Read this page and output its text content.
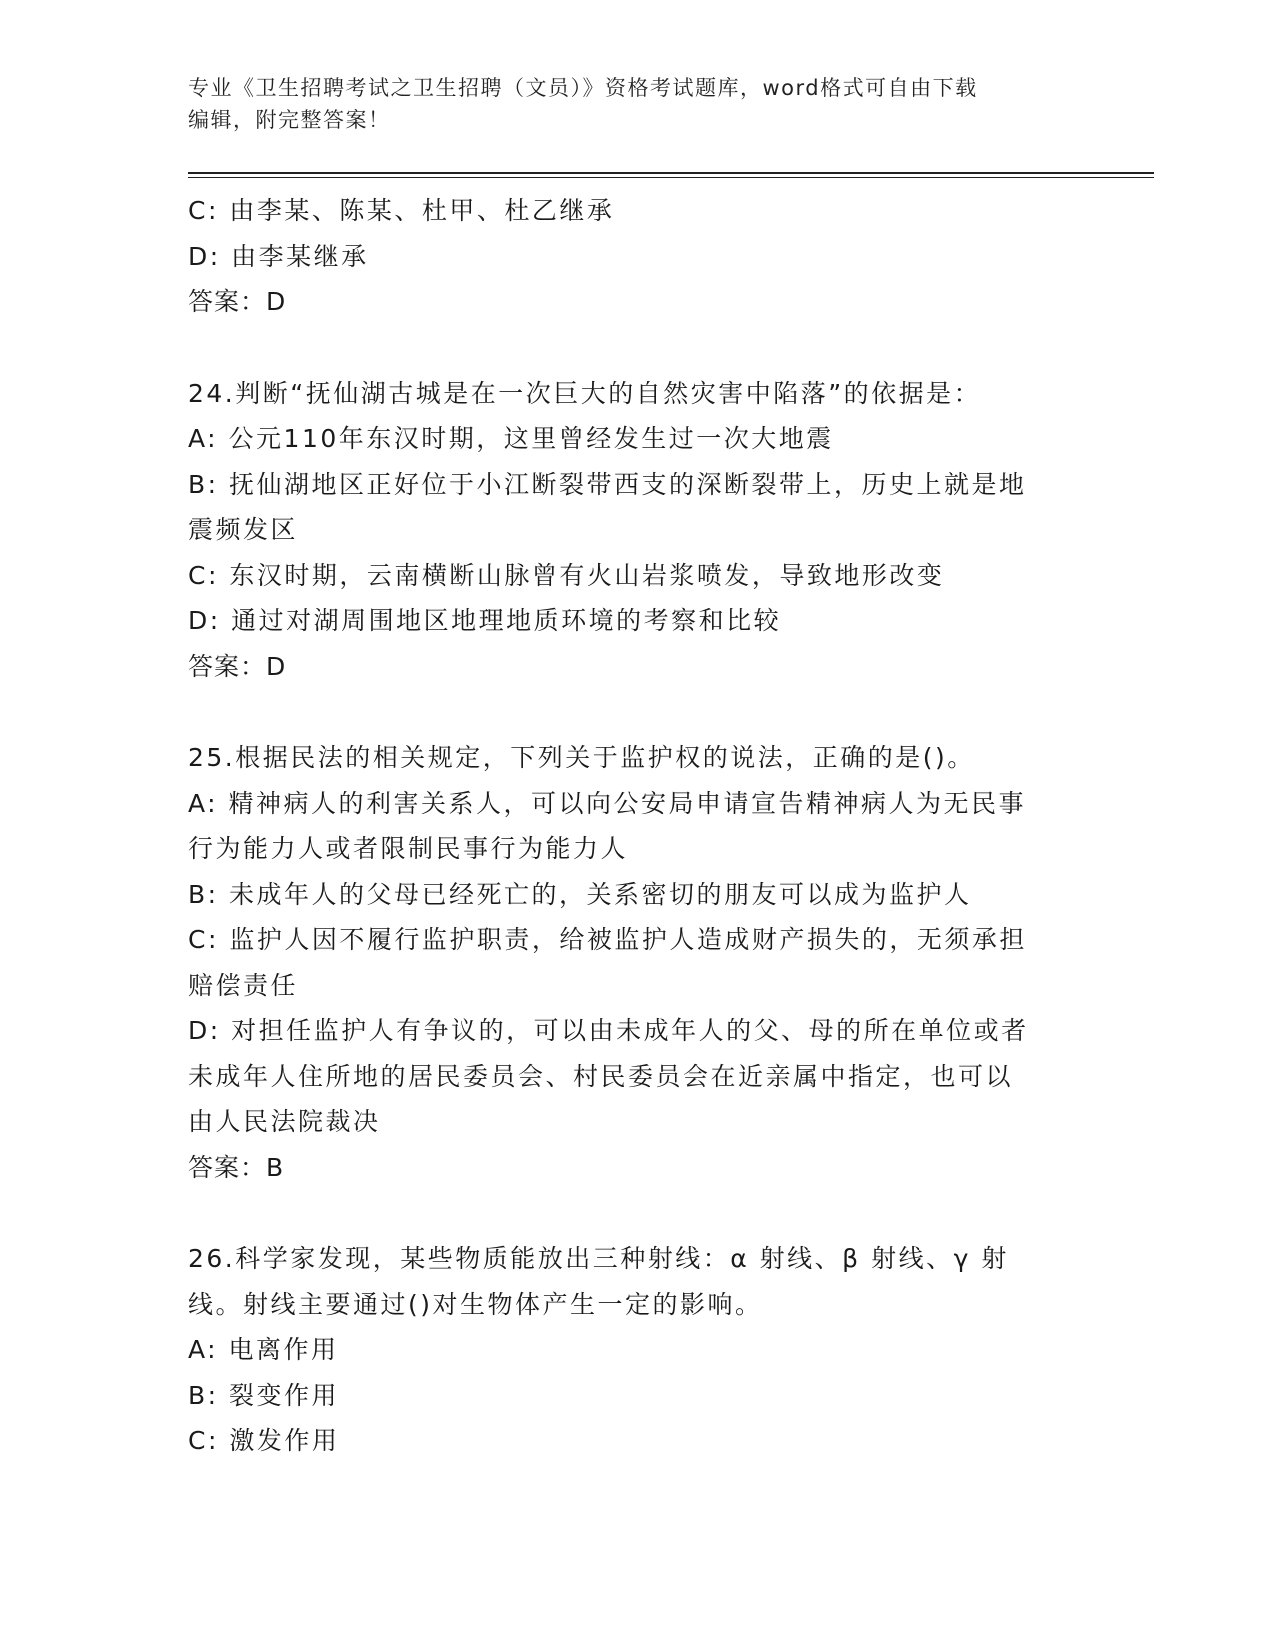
专业《卫生招聘考试之卫生招聘（文员）》资格考试题库，word格式可自由下载
编辑，附完整答案！
C: 由李某、陈某、杜甲、杜乙继承
D: 由李某继承
答案：D
24.判断“抚仙湖古城是在一次巨大的自然灾害中陷落”的依据是：
A: 公元110年东汉时期，这里曾经发生过一次大地震
B: 抚仙湖地区正好位于小江断裂带西支的深断裂带上，历史上就是地
震频发区
C: 东汉时期，云南横断山脉曾有火山岩浆喷发，导致地形改变
D: 通过对湖周围地区地理地质环境的考察和比较
答案：D
25.根据民法的相关规定，下列关于监护权的说法，正确的是()。
A: 精神病人的利害关系人，可以向公安局申请宣告精神病人为无民事
行为能力人或者限制民事行为能力人
B: 未成年人的父母已经死亡的，关系密切的朋友可以成为监护人
C: 监护人因不履行监护职责，给被监护人造成财产损失的，无须承担
赔偿责任
D: 对担任监护人有争议的，可以由未成年人的父、母的所在单位或者
未成年人住所地的居民委员会、村民委员会在近亲属中指定，也可以
由人民法院裁决
答案：B
26.科学家发现，某些物质能放出三种射线：α 射线、β 射线、γ 射
线。射线主要通过()对生物体产生一定的影响。
A: 电离作用
B: 裂变作用
C: 激发作用
